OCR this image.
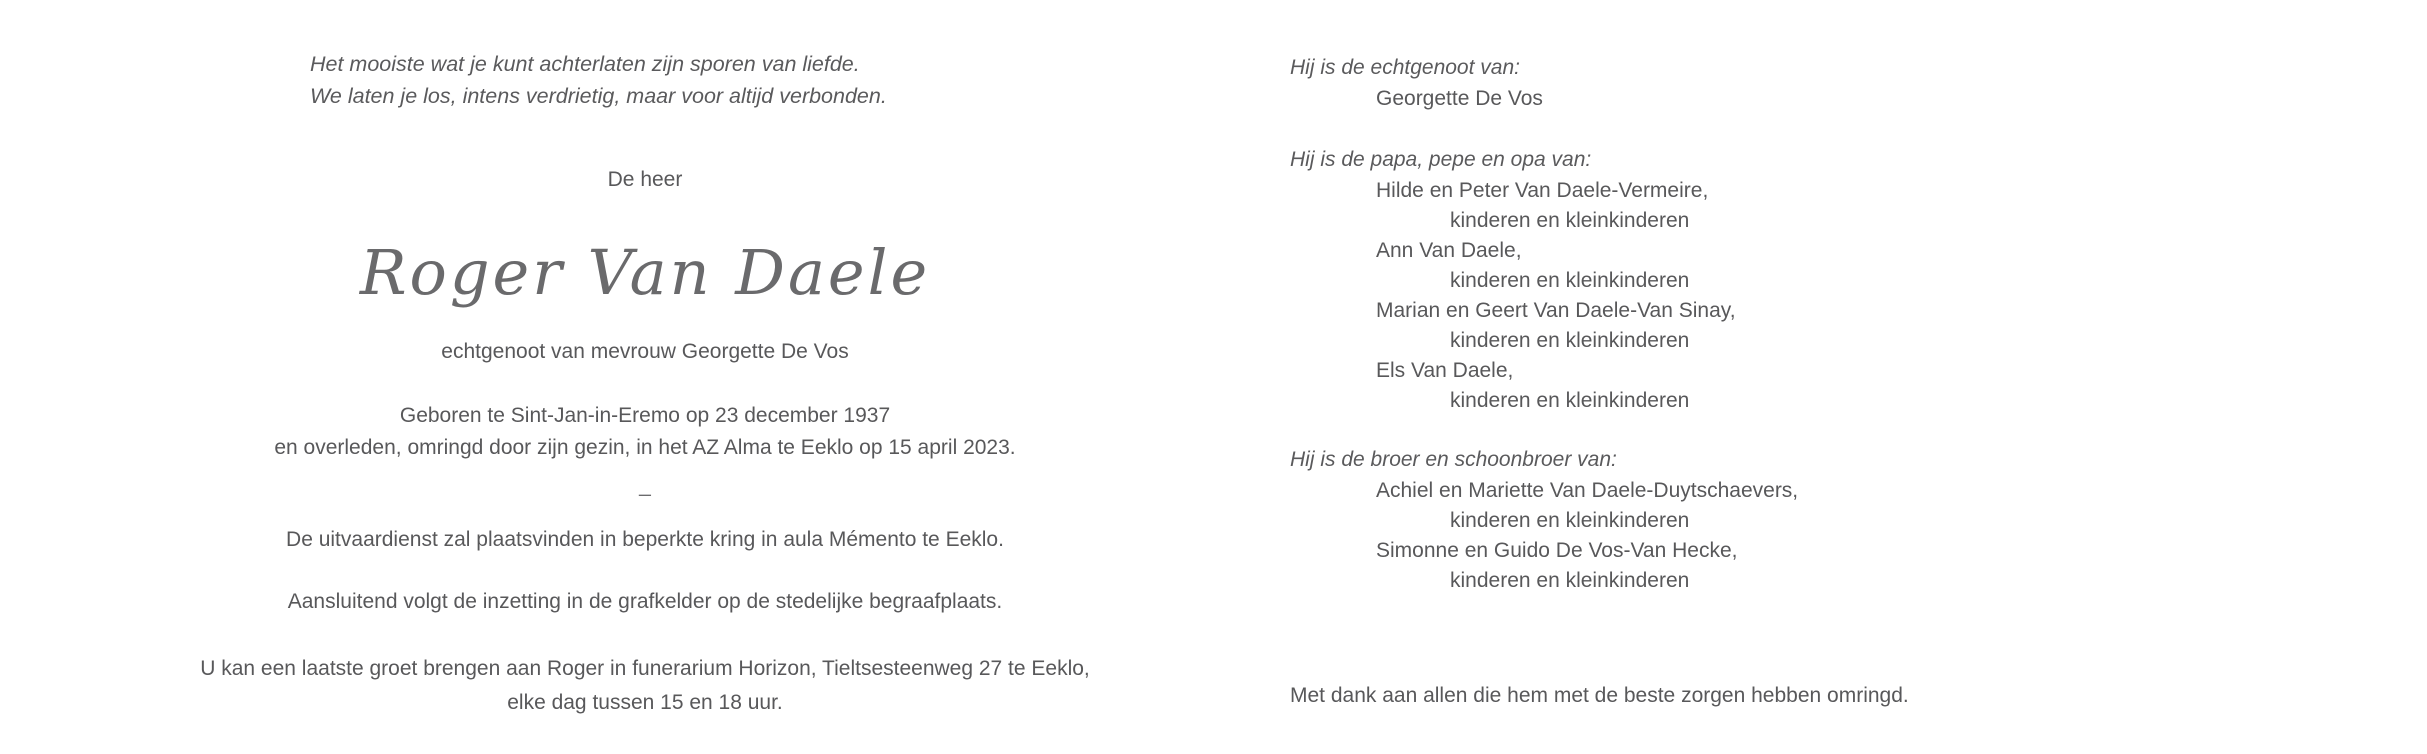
Het mooiste wat je kunt achterlaten zijn sporen van liefde.
We laten je los, intens verdrietig, maar voor altijd verbonden.
De heer
Roger Van Daele
echtgenoot van mevrouw Georgette De Vos
Geboren te Sint-Jan-in-Eremo op 23 december 1937
en overleden, omringd door zijn gezin, in het AZ Alma te Eeklo op 15 april 2023.
_
De uitvaardienst zal plaatsvinden in beperkte kring in aula Mémento te Eeklo.
Aansluitend volgt de inzetting in de grafkelder op de stedelijke begraafplaats.
U kan een laatste groet brengen aan Roger in funerarium Horizon, Tieltsesteenweg 27 te Eeklo,
elke dag tussen 15 en 18 uur.
Hij is de echtgenoot van:
Georgette De Vos
Hij is de papa, pepe en opa van:
Hilde en Peter Van Daele-Vermeire,
kinderen en kleinkinderen
Ann Van Daele,
kinderen en kleinkinderen
Marian en Geert Van Daele-Van Sinay,
kinderen en kleinkinderen
Els Van Daele,
kinderen en kleinkinderen
Hij is de broer en schoonbroer van:
Achiel en Mariette Van Daele-Duytschaevers,
kinderen en kleinkinderen
Simonne en Guido De Vos-Van Hecke,
kinderen en kleinkinderen
Met dank aan allen die hem met de beste zorgen hebben omringd.
